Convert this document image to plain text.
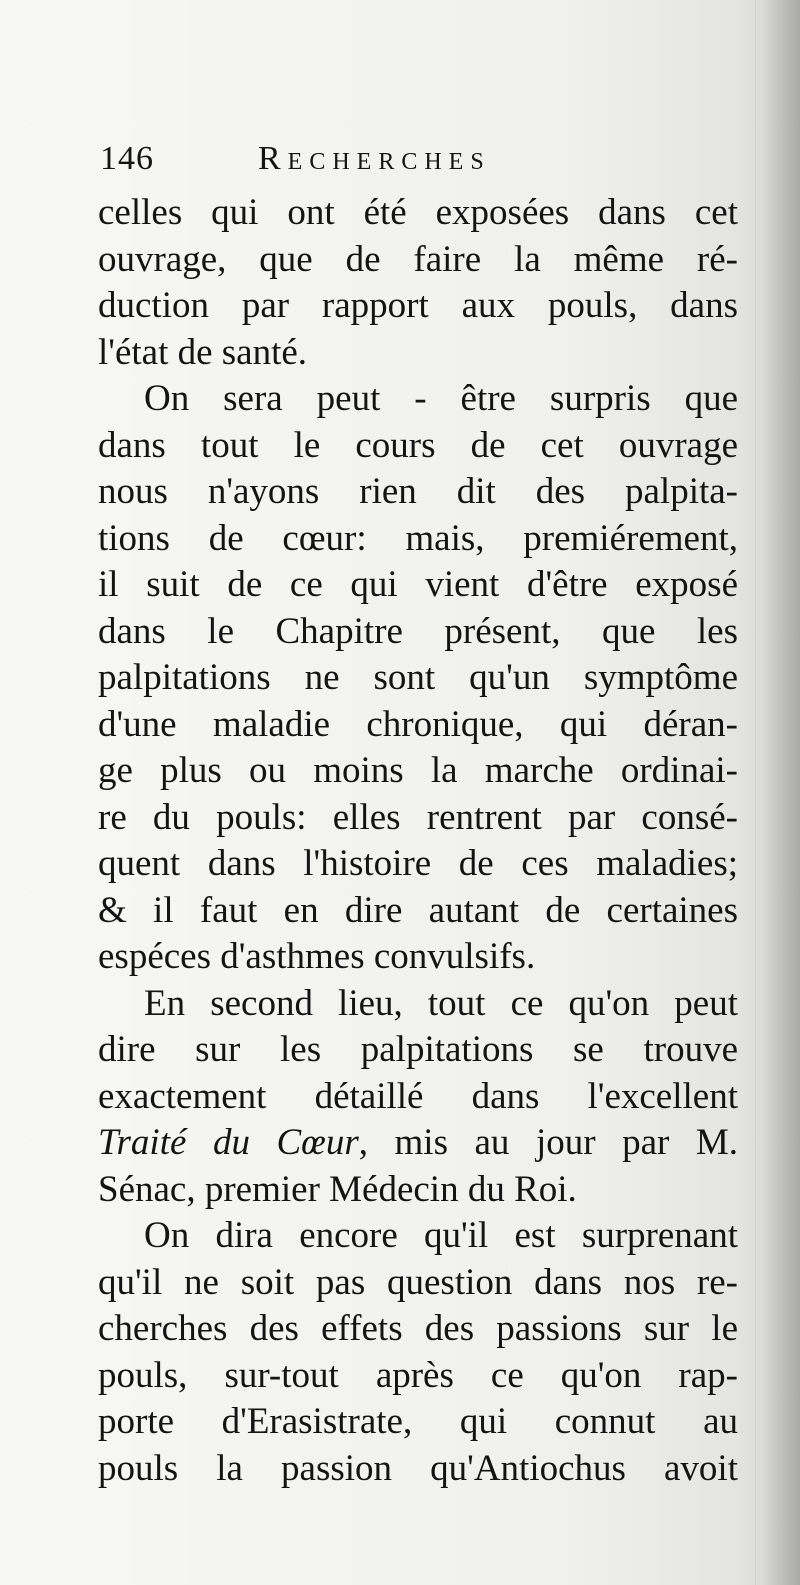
146	Recherches
celles qui ont été exposées dans cet
ouvrage, que de faire la même ré-
duction par rapport aux pouls, dans
l'état de santé.
On sera peut - être surpris que
dans tout le cours de cet ouvrage
nous n'ayons rien dit des palpita-
tions de cœur: mais, premiérement,
il suit de ce qui vient d'être exposé
dans le Chapitre présent, que les
palpitations ne sont qu'un symptôme
d'une maladie chronique, qui déran-
ge plus ou moins la marche ordinai-
re du pouls: elles rentrent par consé-
quent dans l'histoire de ces maladies;
& il faut en dire autant de certaines
espéces d'asthmes convulsifs.
En second lieu, tout ce qu'on peut
dire sur les palpitations se trouve
exactement détaillé dans l'excellent
Traité du Cœur, mis au jour par M.
Sénac, premier Médecin du Roi.
On dira encore qu'il est surprenant
qu'il ne soit pas question dans nos re-
cherches des effets des passions sur le
pouls, sur-tout après ce qu'on rap-
porte d'Erasistrate, qui connut au
pouls la passion qu'Antiochus avoit
